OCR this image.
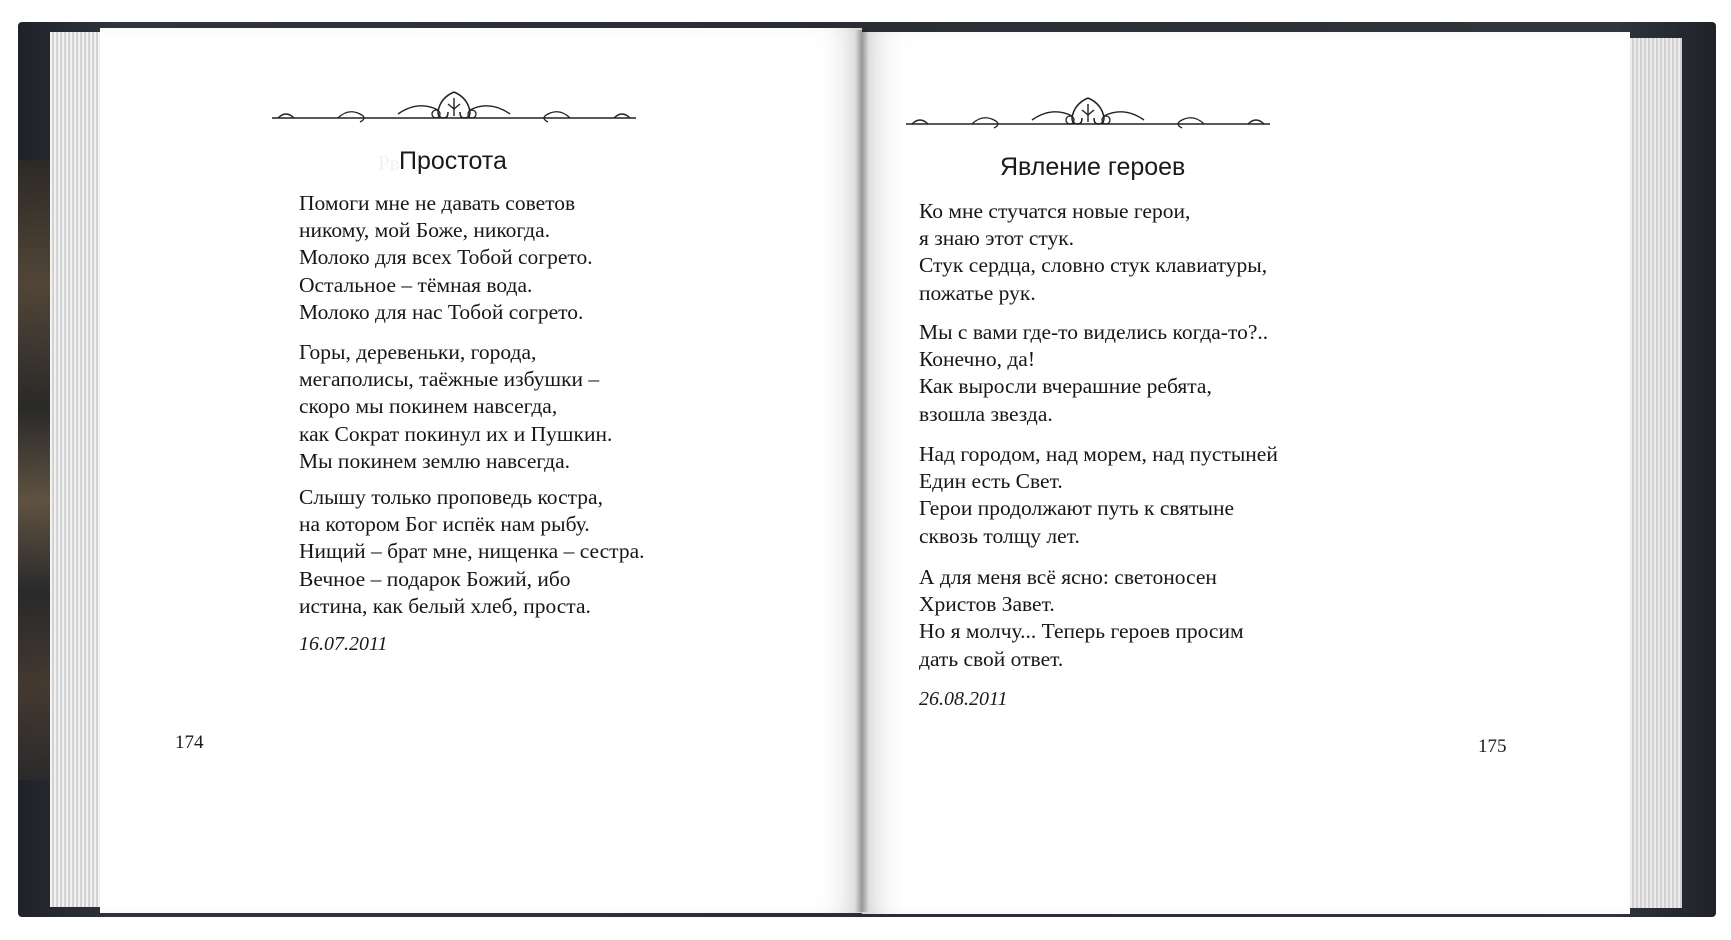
Рв Простота
Помоги мне не давать советов
никому, мой Боже, никогда.
Молоко для всех Тобой согрето.
Остальное – тёмная вода.
Молоко для нас Тобой согрето.
Горы, деревеньки, города,
мегаполисы, таёжные избушки –
скоро мы покинем навсегда,
как Сократ покинул их и Пушкин.
Мы покинем землю навсегда.
Слышу только проповедь костра,
на котором Бог испёк нам рыбу.
Нищий – брат мне, нищенка – сестра.
Вечное – подарок Божий, ибо
истина, как белый хлеб, проста.
16.07.2011
174
Явление героев
Ко мне стучатся новые герои,
я знаю этот стук.
Стук сердца, словно стук клавиатуры,
пожатье рук.
Мы с вами где-то виделись когда-то?..
Конечно, да!
Как выросли вчерашние ребята,
взошла звезда.
Над городом, над морем, над пустыней
Един есть Свет.
Герои продолжают путь к святыне
сквозь толщу лет.
А для меня всё ясно: светоносен
Христов Завет.
Но я молчу... Теперь героев просим
дать свой ответ.
26.08.2011
175
